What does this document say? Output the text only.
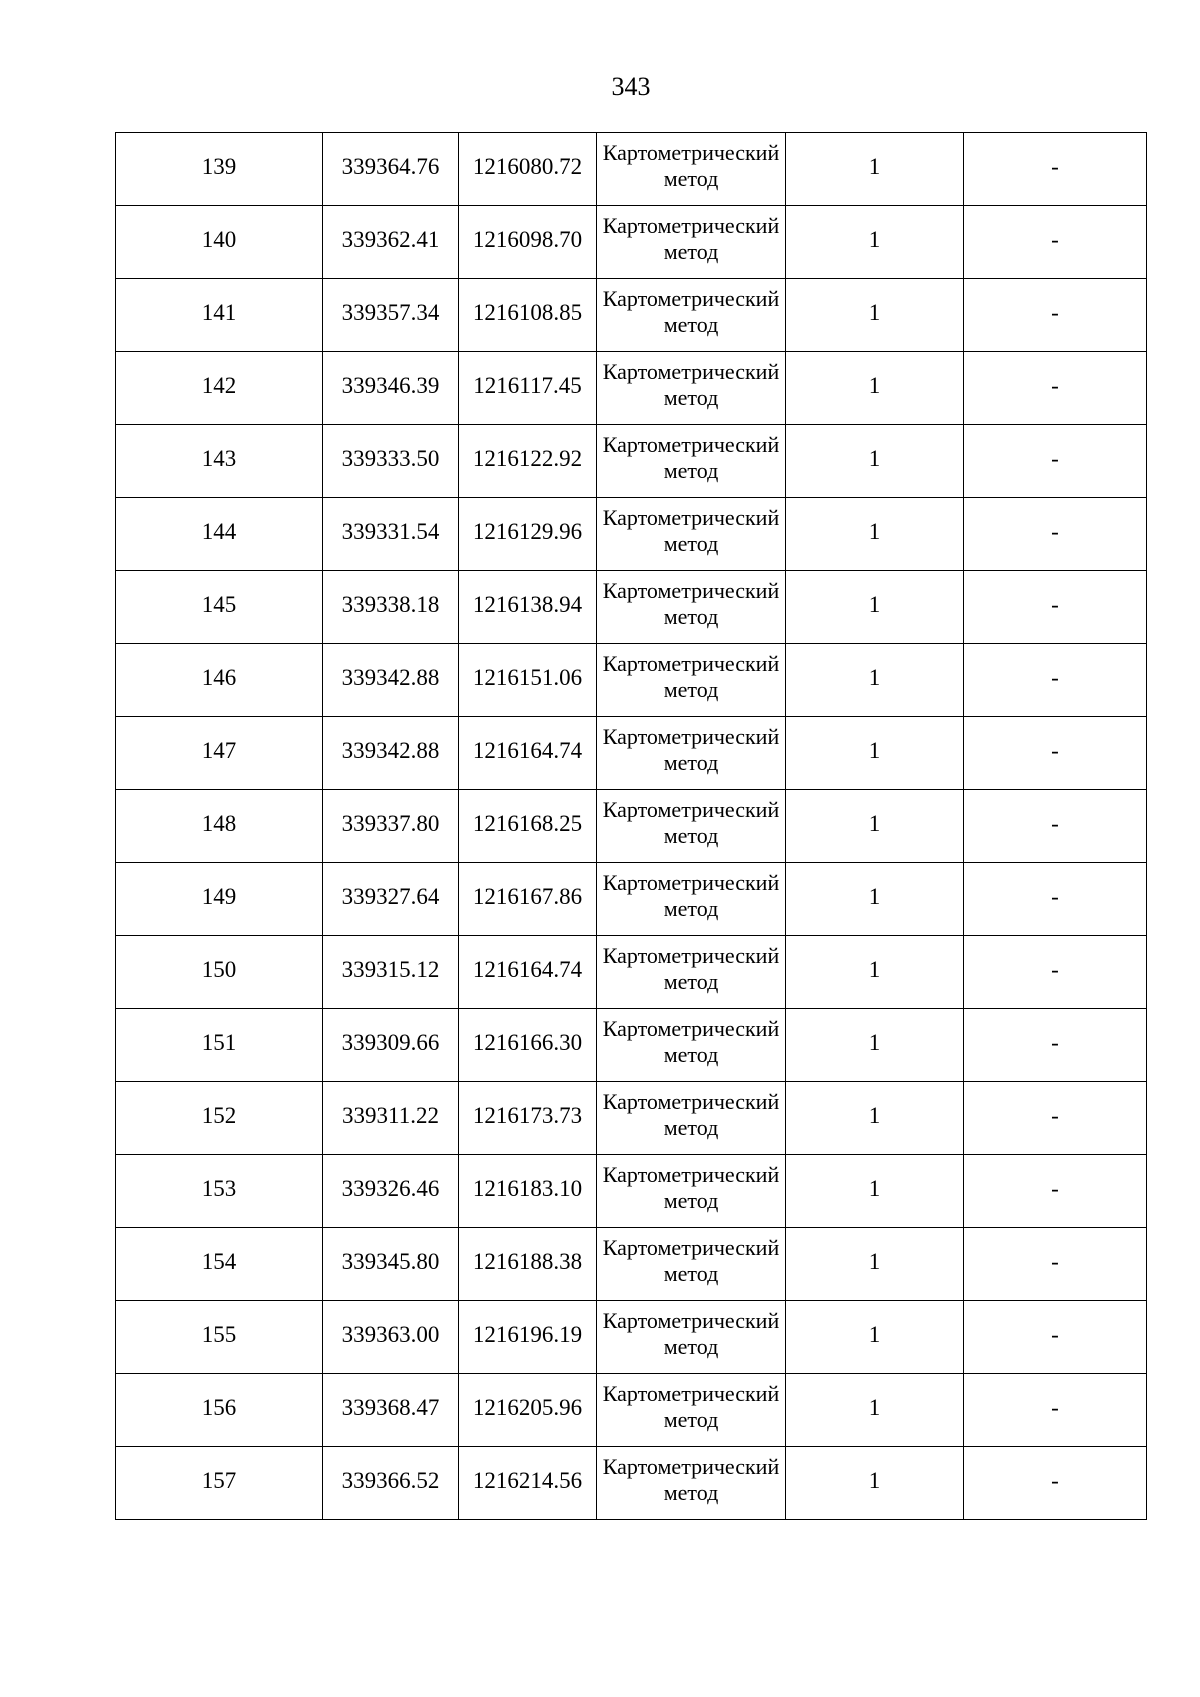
343
139	339364.76	1216080.72	Картометрический метод	1	-

140	339362.41	1216098.70	Картометрический метод	1	-

141	339357.34	1216108.85	Картометрический метод	1	-

142	339346.39	1216117.45	Картометрический метод	1	-

143	339333.50	1216122.92	Картометрический метод	1	-

144	339331.54	1216129.96	Картометрический метод	1	-

145	339338.18	1216138.94	Картометрический метод	1	-

146	339342.88	1216151.06	Картометрический метод	1	-

147	339342.88	1216164.74	Картометрический метод	1	-

148	339337.80	1216168.25	Картометрический метод	1	-

149	339327.64	1216167.86	Картометрический метод	1	-

150	339315.12	1216164.74	Картометрический метод	1	-

151	339309.66	1216166.30	Картометрический метод	1	-

152	339311.22	1216173.73	Картометрический метод	1	-

153	339326.46	1216183.10	Картометрический метод	1	-

154	339345.80	1216188.38	Картометрический метод	1	-

155	339363.00	1216196.19	Картометрический метод	1	-

156	339368.47	1216205.96	Картометрический метод	1	-

157	339366.52	1216214.56	Картометрический метод	1	-
